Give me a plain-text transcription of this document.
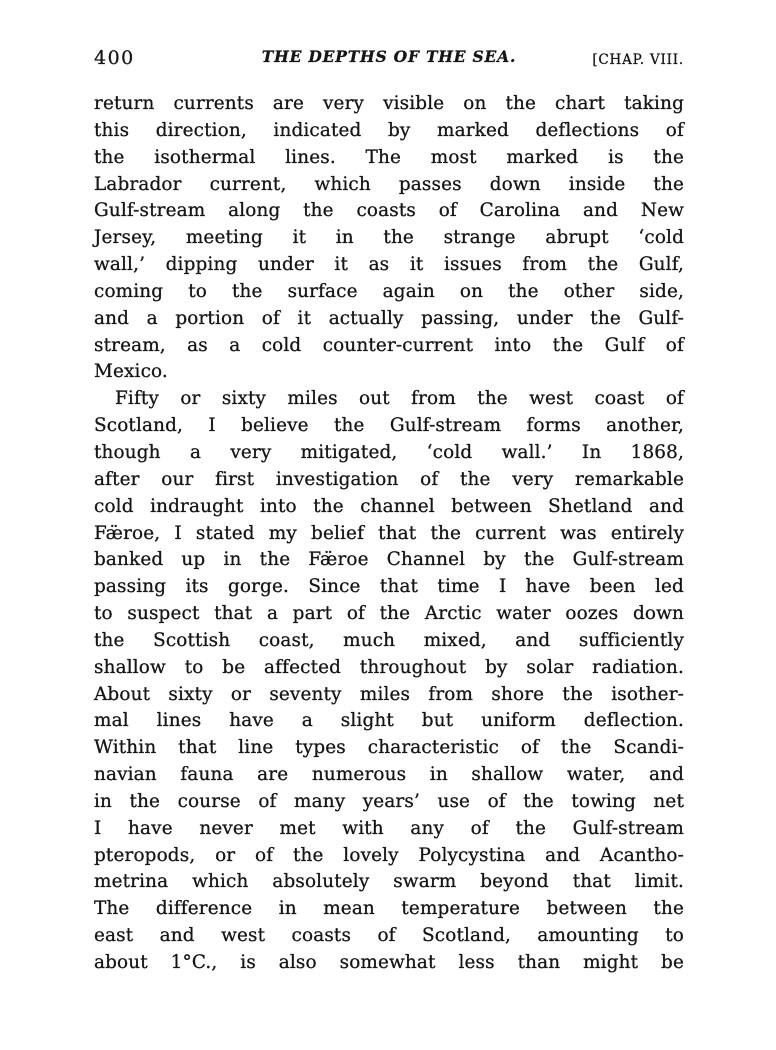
400	THE DEPTHS OF THE SEA.	[CHAP. VIII.
return currents are very visible on the chart taking
this direction, indicated by marked deflections of
the isothermal lines. The most marked is the
Labrador current, which passes down inside the
Gulf-stream along the coasts of Carolina and New
Jersey, meeting it in the strange abrupt ‘cold
wall,’ dipping under it as it issues from the Gulf,
coming to the surface again on the other side,
and a portion of it actually passing, under the Gulf-
stream, as a cold counter-current into the Gulf of
Mexico.
Fifty or sixty miles out from the west coast of
Scotland, I believe the Gulf-stream forms another,
though a very mitigated, ‘cold wall.’ In 1868,
after our first investigation of the very remarkable
cold indraught into the channel between Shetland and
Fæ̈roe, I stated my belief that the current was entirely
banked up in the Fæ̈roe Channel by the Gulf-stream
passing its gorge. Since that time I have been led
to suspect that a part of the Arctic water oozes down
the Scottish coast, much mixed, and sufficiently
shallow to be affected throughout by solar radiation.
About sixty or seventy miles from shore the isother-
mal lines have a slight but uniform deflection.
Within that line types characteristic of the Scandi-
navian fauna are numerous in shallow water, and
in the course of many years’ use of the towing net
I have never met with any of the Gulf-stream
pteropods, or of the lovely Polycystina and Acantho-
metrina which absolutely swarm beyond that limit.
The difference in mean temperature between the
east and west coasts of Scotland, amounting to
about 1°C., is also somewhat less than might be
